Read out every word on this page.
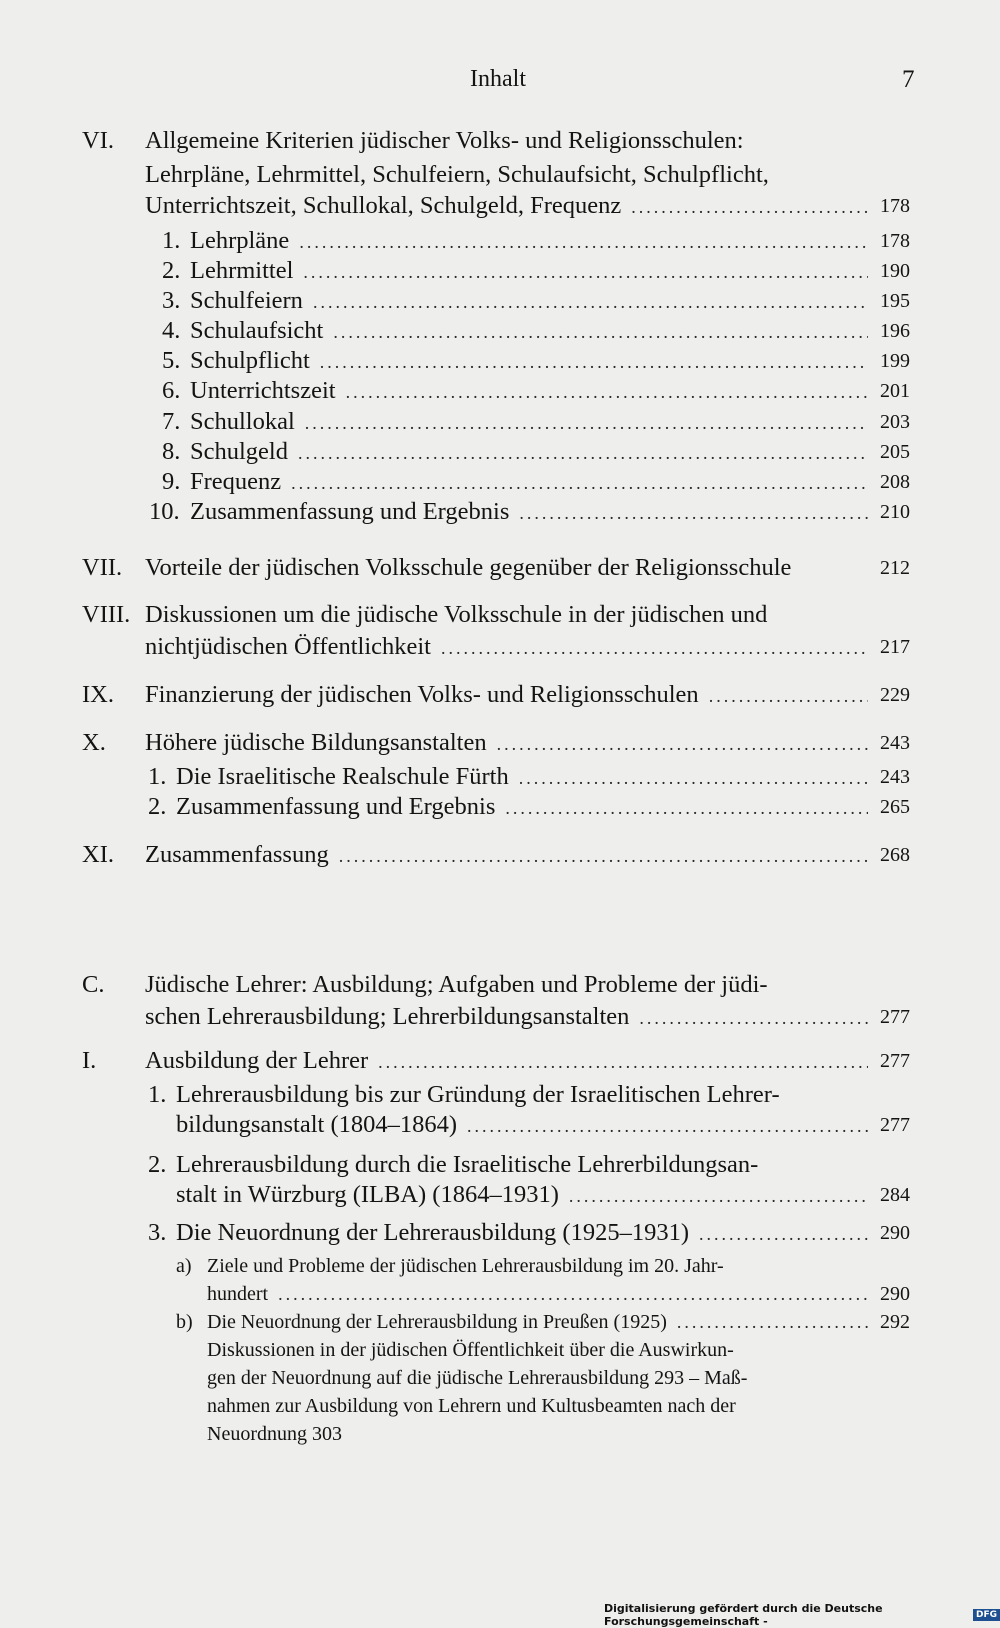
Inhalt	7
VI. Allgemeine Kriterien jüdischer Volks- und Religionsschulen:
Lehrpläne, Lehrmittel, Schulfeiern, Schulaufsicht, Schulpflicht,
Unterrichtszeit, Schullokal, Schulgeld, Frequenz .....	178
1. Lehrpläne .....	178
2. Lehrmittel .....	190
3. Schulfeiern .....	195
4. Schulaufsicht .....	196
5. Schulpflicht .....	199
6. Unterrichtszeit .....	201
7. Schullokal .....	203
8. Schulgeld .....	205
9. Frequenz .....	208
10. Zusammenfassung und Ergebnis .....	210
VII. Vorteile der jüdischen Volksschule gegenüber der Religionsschule	212
VIII. Diskussionen um die jüdische Volksschule in der jüdischen und
nichtjüdischen Öffentlichkeit .....	217
IX. Finanzierung der jüdischen Volks- und Religionsschulen .....	229
X. Höhere jüdische Bildungsanstalten .....	243
1. Die Israelitische Realschule Fürth .....	243
2. Zusammenfassung und Ergebnis .....	265
XI. Zusammenfassung .....	268
C. Jüdische Lehrer: Ausbildung; Aufgaben und Probleme der jüdi-
schen Lehrerausbildung; Lehrerbildungsanstalten .....	277
I. Ausbildung der Lehrer .....	277
1. Lehrerausbildung bis zur Gründung der Israelitischen Lehrer-
bildungsanstalt (1804–1864) .....	277
2. Lehrerausbildung durch die Israelitische Lehrerbildungsan-
stalt in Würzburg (ILBA) (1864–1931) .....	284
3. Die Neuordnung der Lehrerausbildung (1925–1931) .....	290
a) Ziele und Probleme der jüdischen Lehrerausbildung im 20. Jahr-
hundert .....	290
b) Die Neuordnung der Lehrerausbildung in Preußen (1925) .....	292
Diskussionen in der jüdischen Öffentlichkeit über die Auswirkun-
gen der Neuordnung auf die jüdische Lehrerausbildung 293 – Maß-
nahmen zur Ausbildung von Lehrern und Kultusbeamten nach der
Neuordnung 303
Digitalisierung gefördert durch die Deutsche Forschungsgemeinschaft -	DFG
